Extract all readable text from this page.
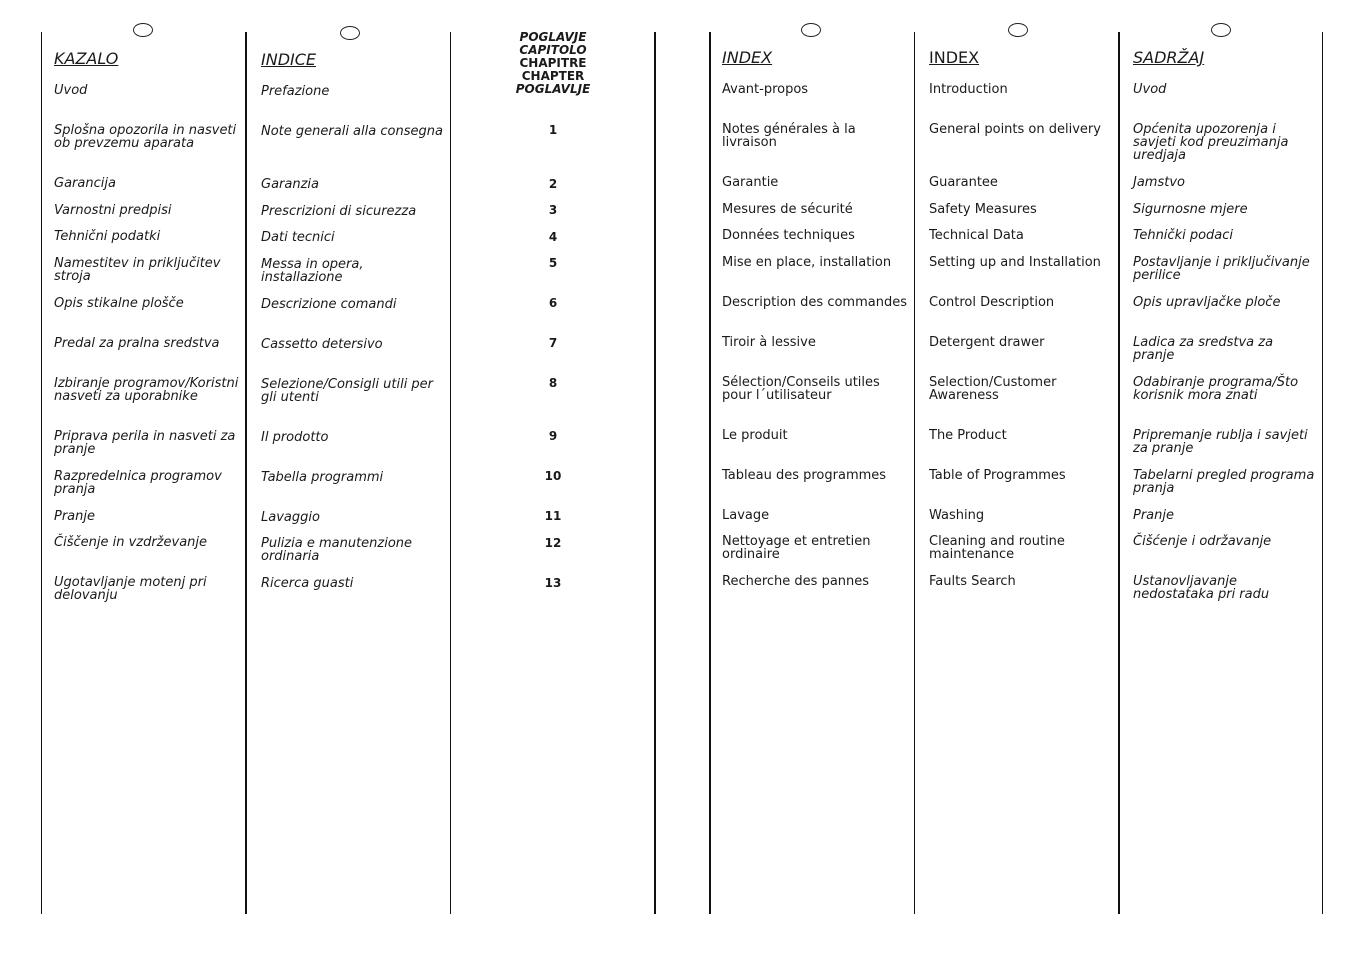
KAZALO
Uvod
Splošna opozorila in nasveti ob prevzemu aparata
Garancija
Varnostni predpisi
Tehnični podatki
Namestitev in priključitev stroja
Opis stikalne plošče
Predal za pralna sredstva
Izbiranje programov/Koristni nasveti za uporabnike
Priprava perila in nasveti za pranje
Razpredelnica programov pranja
Pranje
Čiščenje in vzdrževanje
Ugotavljanje motenj pri delovanju
INDICE
Prefazione
Note generali alla consegna
Garanzia
Prescrizioni di sicurezza
Dati tecnici
Messa in opera, installazione
Descrizione comandi
Cassetto detersivo
Selezione/Consigli utili per gli utenti
Il prodotto
Tabella programmi
Lavaggio
Pulizia e manutenzione ordinaria
Ricerca guasti
POGLAVJE
CAPITOLO
CHAPITRE
CHAPTER
POGLAVLJE
1
2
3
4
5
6
7
8
9
10
11
12
13
INDEX
Avant-propos
Notes générales à la livraison
Garantie
Mesures de sécurité
Données techniques
Mise en place, installation
Description des commandes
Tiroir à lessive
Sélection/Conseils utiles pour l´utilisateur
Le produit
Tableau des programmes
Lavage
Nettoyage et entretien ordinaire
Recherche des pannes
INDEX
Introduction
General points on delivery
Guarantee
Safety Measures
Technical Data
Setting up and Installation
Control Description
Detergent drawer
Selection/Customer Awareness
The Product
Table of Programmes
Washing
Cleaning and routine maintenance
Faults Search
SADRŽAJ
Uvod
Općenita upozorenja i savjeti kod preuzimanja uredjaja
Jamstvo
Sigurnosne mjere
Tehnički podaci
Postavljanje i priključivanje perilice
Opis upravljačke ploče
Ladica za sredstva za pranje
Odabiranje programa/Što korisnik mora znati
Pripremanje rublja i savjeti za pranje
Tabelarni pregled programa pranja
Pranje
Čišćenje i održavanje
Ustanovljavanje nedostataka pri radu
